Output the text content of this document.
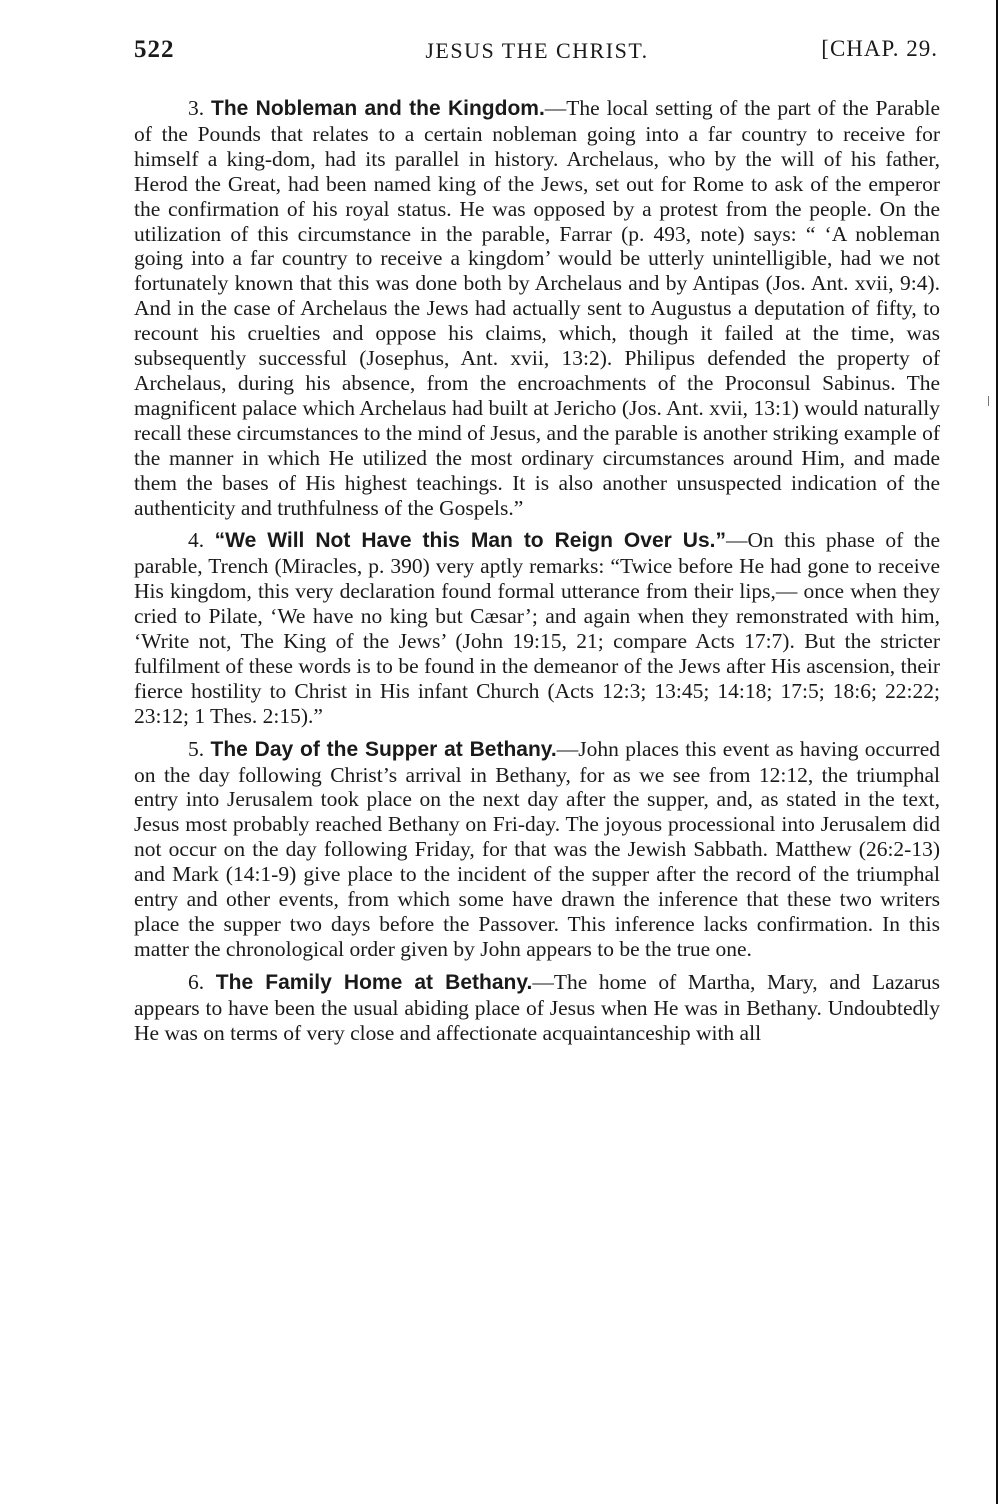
522	JESUS THE CHRIST.	[CHAP. 29.

3. The Nobleman and the Kingdom.—The local setting of the part of the Parable of the Pounds that relates to a certain nobleman going into a far country to receive for himself a king-dom, had its parallel in history. Archelaus, who by the will of his father, Herod the Great, had been named king of the Jews, set out for Rome to ask of the emperor the confirmation of his royal status. He was opposed by a protest from the people. On the utilization of this circumstance in the parable, Farrar (p. 493, note) says: “ ‘A nobleman going into a far country to receive a kingdom’ would be utterly unintelligible, had we not fortunately known that this was done both by Archelaus and by Antipas (Jos. Ant. xvii, 9:4). And in the case of Archelaus the Jews had actually sent to Augustus a deputation of fifty, to recount his cruelties and oppose his claims, which, though it failed at the time, was subsequently successful (Josephus, Ant. xvii, 13:2). Philipus defended the property of Archelaus, during his absence, from the encroachments of the Proconsul Sabinus. The magnificent palace which Archelaus had built at Jericho (Jos. Ant. xvii, 13:1) would naturally recall these circumstances to the mind of Jesus, and the parable is another striking example of the manner in which He utilized the most ordinary circumstances around Him, and made them the bases of His highest teachings. It is also another unsuspected indication of the authenticity and truthfulness of the Gospels.”

4. “We Will Not Have this Man to Reign Over Us.”—On this phase of the parable, Trench (Miracles, p. 390) very aptly remarks: “Twice before He had gone to receive His kingdom, this very declaration found formal utterance from their lips,— once when they cried to Pilate, ‘We have no king but Cæsar’; and again when they remonstrated with him, ‘Write not, The King of the Jews’ (John 19:15, 21; compare Acts 17:7). But the stricter fulfilment of these words is to be found in the demeanor of the Jews after His ascension, their fierce hostility to Christ in His infant Church (Acts 12:3; 13:45; 14:18; 17:5; 18:6; 22:22; 23:12; 1 Thes. 2:15).”

5. The Day of the Supper at Bethany.—John places this event as having occurred on the day following Christ’s arrival in Bethany, for as we see from 12:12, the triumphal entry into Jerusalem took place on the next day after the supper, and, as stated in the text, Jesus most probably reached Bethany on Fri-day. The joyous processional into Jerusalem did not occur on the day following Friday, for that was the Jewish Sabbath. Matthew (26:2-13) and Mark (14:1-9) give place to the incident of the supper after the record of the triumphal entry and other events, from which some have drawn the inference that these two writers place the supper two days before the Passover. This inference lacks confirmation. In this matter the chronological order given by John appears to be the true one.

6. The Family Home at Bethany.—The home of Martha, Mary, and Lazarus appears to have been the usual abiding place of Jesus when He was in Bethany. Undoubtedly He was on terms of very close and affectionate acquaintanceship with all
